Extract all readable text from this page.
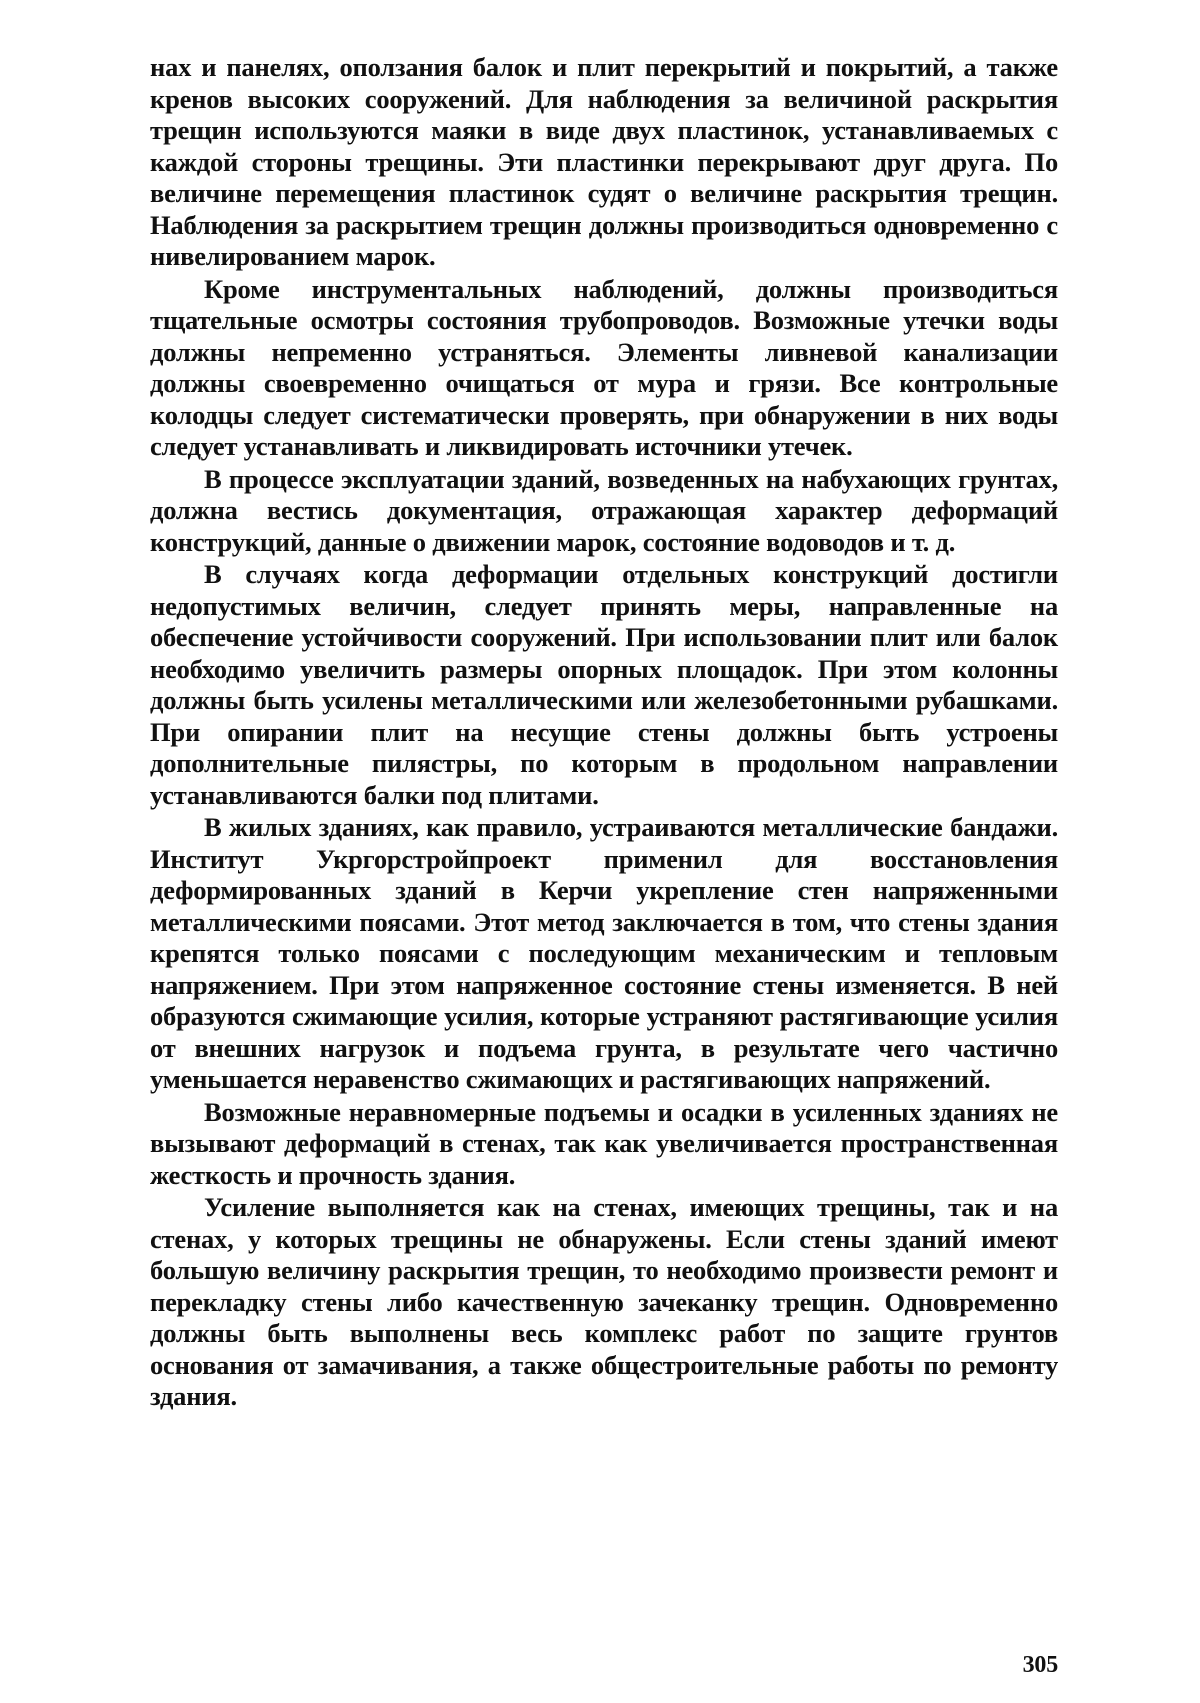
нах и панелях, оползания балок и плит перекрытий и покрытий, а также кренов высоких сооружений. Для наблюдения за величиной раскрытия трещин используются маяки в виде двух пластинок, устанавливаемых с каждой стороны трещины. Эти пластинки перекрывают друг друга. По величине перемещения пластинок судят о величине раскрытия трещин. Наблюдения за раскрытием трещин должны производиться одновременно с нивелированием марок.

Кроме инструментальных наблюдений, должны производиться тщательные осмотры состояния трубопроводов. Возможные утечки воды должны непременно устраняться. Элементы ливневой канализации должны своевременно очищаться от мура и грязи. Все контрольные колодцы следует систематически проверять, при обнаружении в них воды следует устанавливать и ликвидировать источники утечек.

В процессе эксплуатации зданий, возведенных на набухающих грунтах, должна вестись документация, отражающая характер деформаций конструкций, данные о движении марок, состояние водоводов и т. д.

В случаях когда деформации отдельных конструкций достигли недопустимых величин, следует принять меры, направленные на обеспечение устойчивости сооружений. При использовании плит или балок необходимо увеличить размеры опорных площадок. При этом колонны должны быть усилены металлическими или железобетонными рубашками. При опирании плит на несущие стены должны быть устроены дополнительные пилястры, по которым в продольном направлении устанавливаются балки под плитами.

В жилых зданиях, как правило, устраиваются металлические бандажи. Институт Укргорстройпроект применил для восстановления деформированных зданий в Керчи укрепление стен напряженными металлическими поясами. Этот метод заключается в том, что стены здания крепятся только поясами с последующим механическим и тепловым напряжением. При этом напряженное состояние стены изменяется. В ней образуются сжимающие усилия, которые устраняют растягивающие усилия от внешних нагрузок и подъема грунта, в результате чего частично уменьшается неравенство сжимающих и растягивающих напряжений.

Возможные неравномерные подъемы и осадки в усиленных зданиях не вызывают деформаций в стенах, так как увеличивается пространственная жесткость и прочность здания.

Усиление выполняется как на стенах, имеющих трещины, так и на стенах, у которых трещины не обнаружены. Если стены зданий имеют большую величину раскрытия трещин, то необходимо произвести ремонт и перекладку стены либо качественную зачеканку трещин. Одновременно должны быть выполнены весь комплекс работ по защите грунтов основания от замачивания, а также общестроительные работы по ремонту здания.

305
